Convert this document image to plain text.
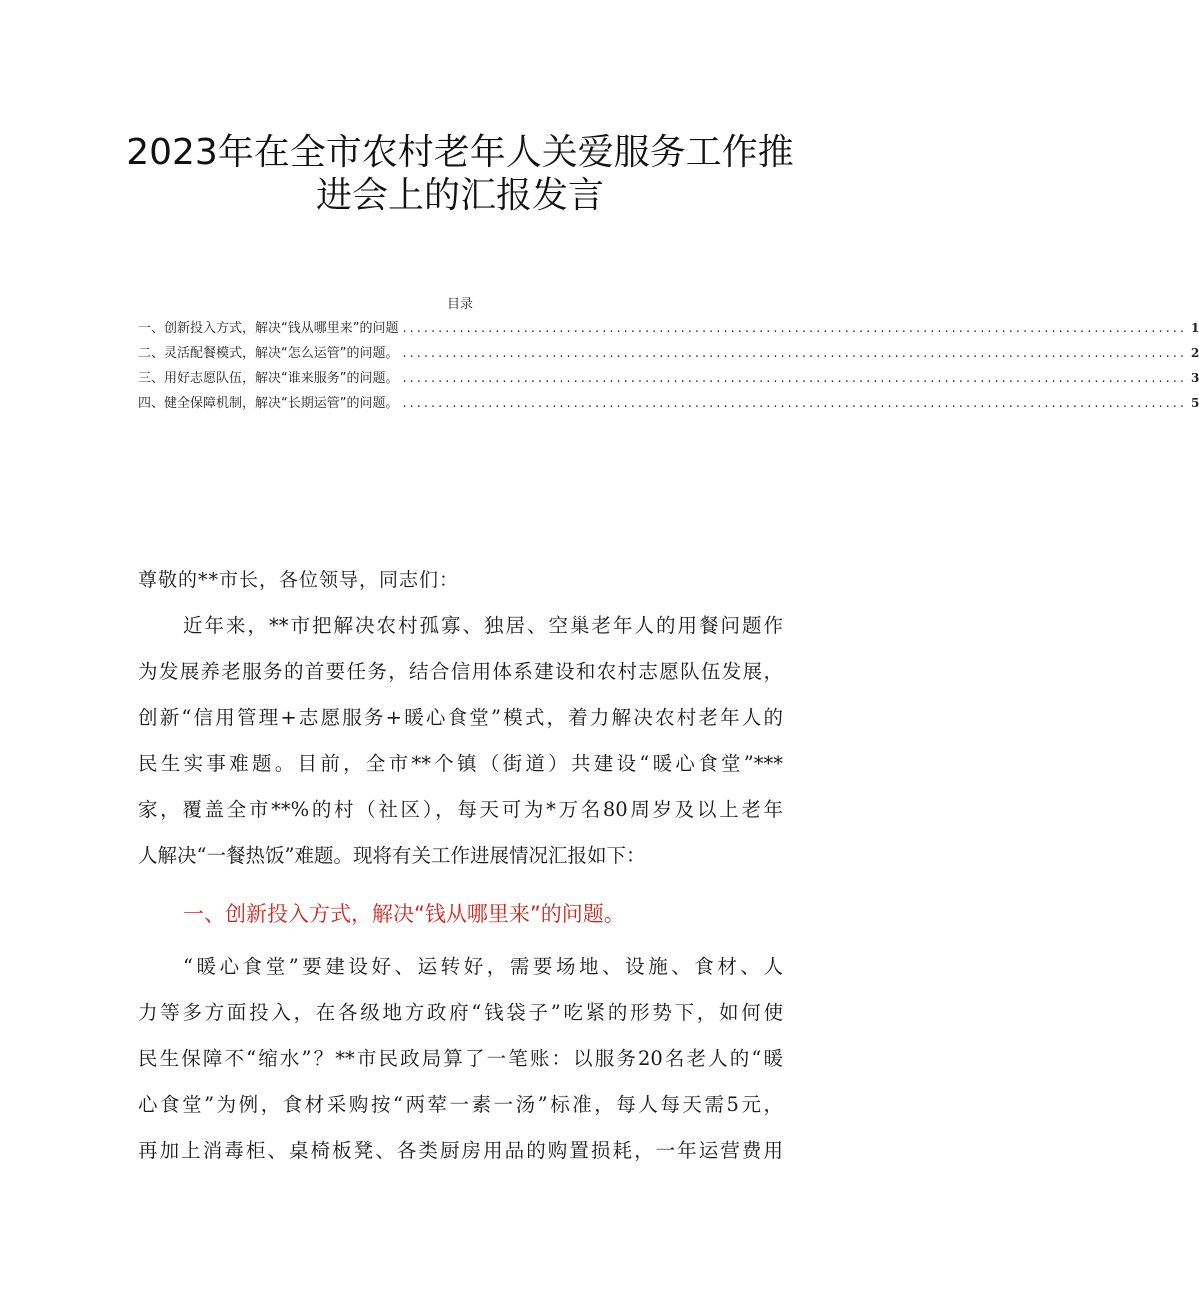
2023年在全市农村老年人关爱服务工作推
进会上的汇报发言
目录
一、创新投入方式，解决“钱从哪里来”的问题 .............................................................................................................. 1
二、灵活配餐模式，解决“怎么运管”的问题。 .............................................................................................................. 2
三、用好志愿队伍，解决“谁来服务”的问题。 .............................................................................................................. 3
四、健全保障机制，解决“长期运管”的问题。 .............................................................................................................. 5
尊敬的**市长，各位领导，同志们：
近年来，**市把解决农村孤寡、独居、空巢老年人的用餐问题作
为发展养老服务的首要任务，结合信用体系建设和农村志愿队伍发展，
创新“信用管理+志愿服务+暖心食堂”模式，着力解决农村老年人的
民生实事难题。目前，全市**个镇（街道）共建设“暖心食堂”***
家，覆盖全市**%的村（社区），每天可为*万名80周岁及以上老年
人解决“一餐热饭”难题。现将有关工作进展情况汇报如下：
一、创新投入方式，解决“钱从哪里来”的问题。
“暖心食堂”要建设好、运转好，需要场地、设施、食材、人
力等多方面投入，在各级地方政府“钱袋子”吃紧的形势下，如何使
民生保障不“缩水”？**市民政局算了一笔账：以服务20名老人的“暖
心食堂”为例，食材采购按“两荤一素一汤”标准，每人每天需5元，
再加上消毒柜、桌椅板凳、各类厨房用品的购置损耗，一年运营费用
